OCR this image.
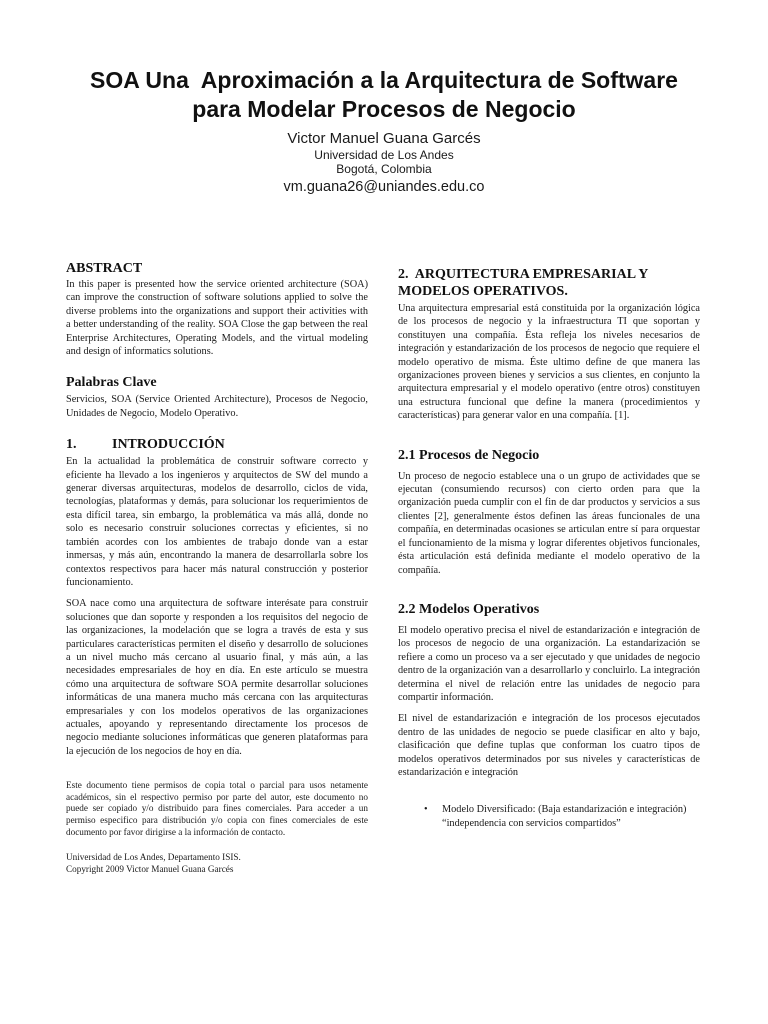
SOA Una  Aproximación a la Arquitectura de Software
para Modelar Procesos de Negocio
Victor Manuel Guana Garcés
Universidad de Los Andes
Bogotá, Colombia
vm.guana26@uniandes.edu.co
ABSTRACT

In this paper is presented how the service oriented architecture (SOA) can improve the construction of software solutions applied to solve the diverse problems into the organizations and support their activities with a better understanding of the reality. SOA Close the gap between the real Enterprise Architectures, Operating Models, and the virtual modeling and design of informatics solutions.

Palabras Clave

Servicios, SOA (Service Oriented Architecture), Procesos de Negocio, Unidades de Negocio, Modelo Operativo.

1.	INTRODUCCIÓN

En la actualidad la problemática de construir software correcto y eficiente ha llevado a los ingenieros y arquitectos de SW del mundo a generar diversas arquitecturas, modelos de desarrollo, ciclos de vida, tecnologías, plataformas y demás, para solucionar los requerimientos de esta difícil tarea, sin embargo, la problemática va más allá, donde no solo es necesario construir soluciones correctas y eficientes, si no también acordes con los ambientes de trabajo donde van a estar inmersas, y más aún, encontrando la manera de desarrollarla sobre los contextos respectivos para hacer más natural construcción y posterior funcionamiento.

SOA nace como una arquitectura de software interésate para construir soluciones que dan soporte y responden a los requisitos del negocio de las organizaciones, la modelación que se logra a través de esta y sus particulares características permiten el diseño y desarrollo de soluciones a un nivel mucho más cercano al usuario final, y más aún, a las necesidades empresariales de hoy en día. En este artículo se muestra cómo una arquitectura de software SOA permite desarrollar soluciones informáticas de una manera mucho más cercana con las arquitecturas empresariales y con los modelos operativos de las organizaciones actuales, apoyando y representando directamente los procesos de negocio mediante soluciones informáticas que generen plataformas para la ejecución de los negocios de hoy en día.

Este documento tiene permisos de copia total o parcial para usos netamente académicos, sin el respectivo permiso por parte del autor, este documento no puede ser copiado y/o distribuido para fines comerciales. Para acceder a un permiso especifico para distribución y/o copia con fines comerciales de este documento por favor dirigirse a la información de contacto.

Universidad de Los Andes, Departamento ISIS.
Copyright 2009 Victor Manuel Guana Garcés
2.  ARQUITECTURA EMPRESARIAL Y
MODELOS OPERATIVOS.

Una arquitectura empresarial está constituida por la organización lógica de los procesos de negocio y la infraestructura TI que soportan y constituyen una compañía. Ésta refleja los niveles necesarios de integración y estandarización de los procesos de negocio que requiere el modelo operativo de misma. Éste ultimo define de que manera las organizaciones proveen bienes y servicios a sus clientes, en conjunto la arquitectura empresarial y el modelo operativo (entre otros) constituyen una estructura funcional que define la manera (procedimientos y características) para generar valor en una compañía. [1].

2.1 Procesos de Negocio

Un proceso de negocio establece una o un grupo de actividades que se ejecutan (consumiendo recursos) con cierto orden para que la organización pueda cumplir con el fin de dar productos y servicios a sus clientes [2], generalmente éstos definen las áreas funcionales de una compañía, en determinadas ocasiones se articulan entre sí para orquestar el funcionamiento de la misma y lograr diferentes objetivos funcionales, ésta articulación está definida mediante el modelo operativo de la compañía.

2.2 Modelos Operativos

El modelo operativo precisa el nivel de estandarización e integración de los procesos de negocio de una organización. La estandarización se refiere a como un proceso va a ser ejecutado y que unidades de negocio dentro de la organización van a desarrollarlo y concluirlo. La integración determina el nivel de relación entre las unidades de negocio para compartir información.

El nivel de estandarización e integración de los procesos ejecutados dentro de las unidades de negocio se puede clasificar en alto y bajo, clasificación que define tuplas que conforman los cuatro tipos de modelos operativos determinados por sus niveles y características de estandarización e integración

•	Modelo Diversificado: (Baja estandarización e integración) “independencia con servicios compartidos”
